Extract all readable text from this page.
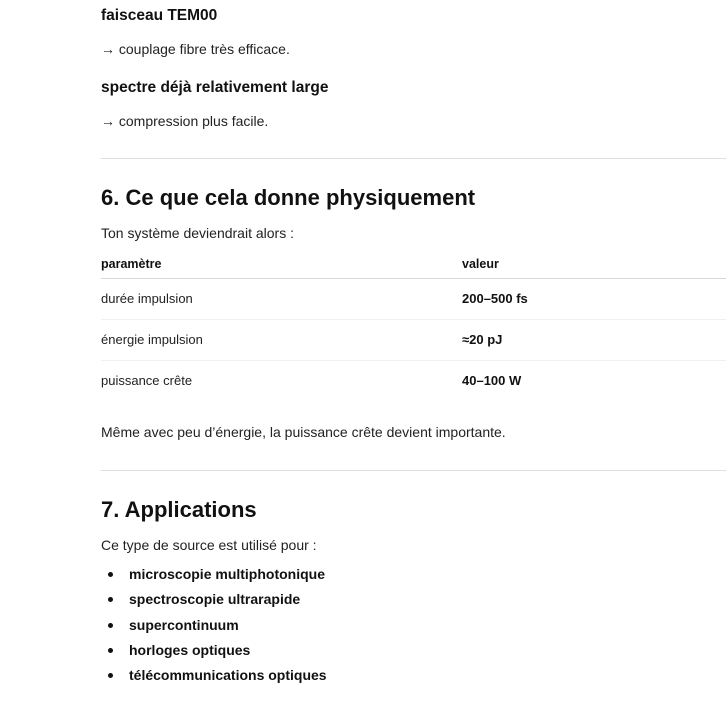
faisceau TEM00

→ couplage fibre très efficace.

spectre déjà relativement large

→ compression plus facile.

6. Ce que cela donne physiquement

Ton système deviendrait alors :

paramètre	valeur
durée impulsion	200–500 fs
énergie impulsion	≈20 pJ
puissance crête	40–100 W

Même avec peu d’énergie, la puissance crête devient importante.

7. Applications

Ce type de source est utilisé pour :

microscopie multiphotonique
spectroscopie ultrarapide
supercontinuum
horloges optiques
télécommunications optiques
